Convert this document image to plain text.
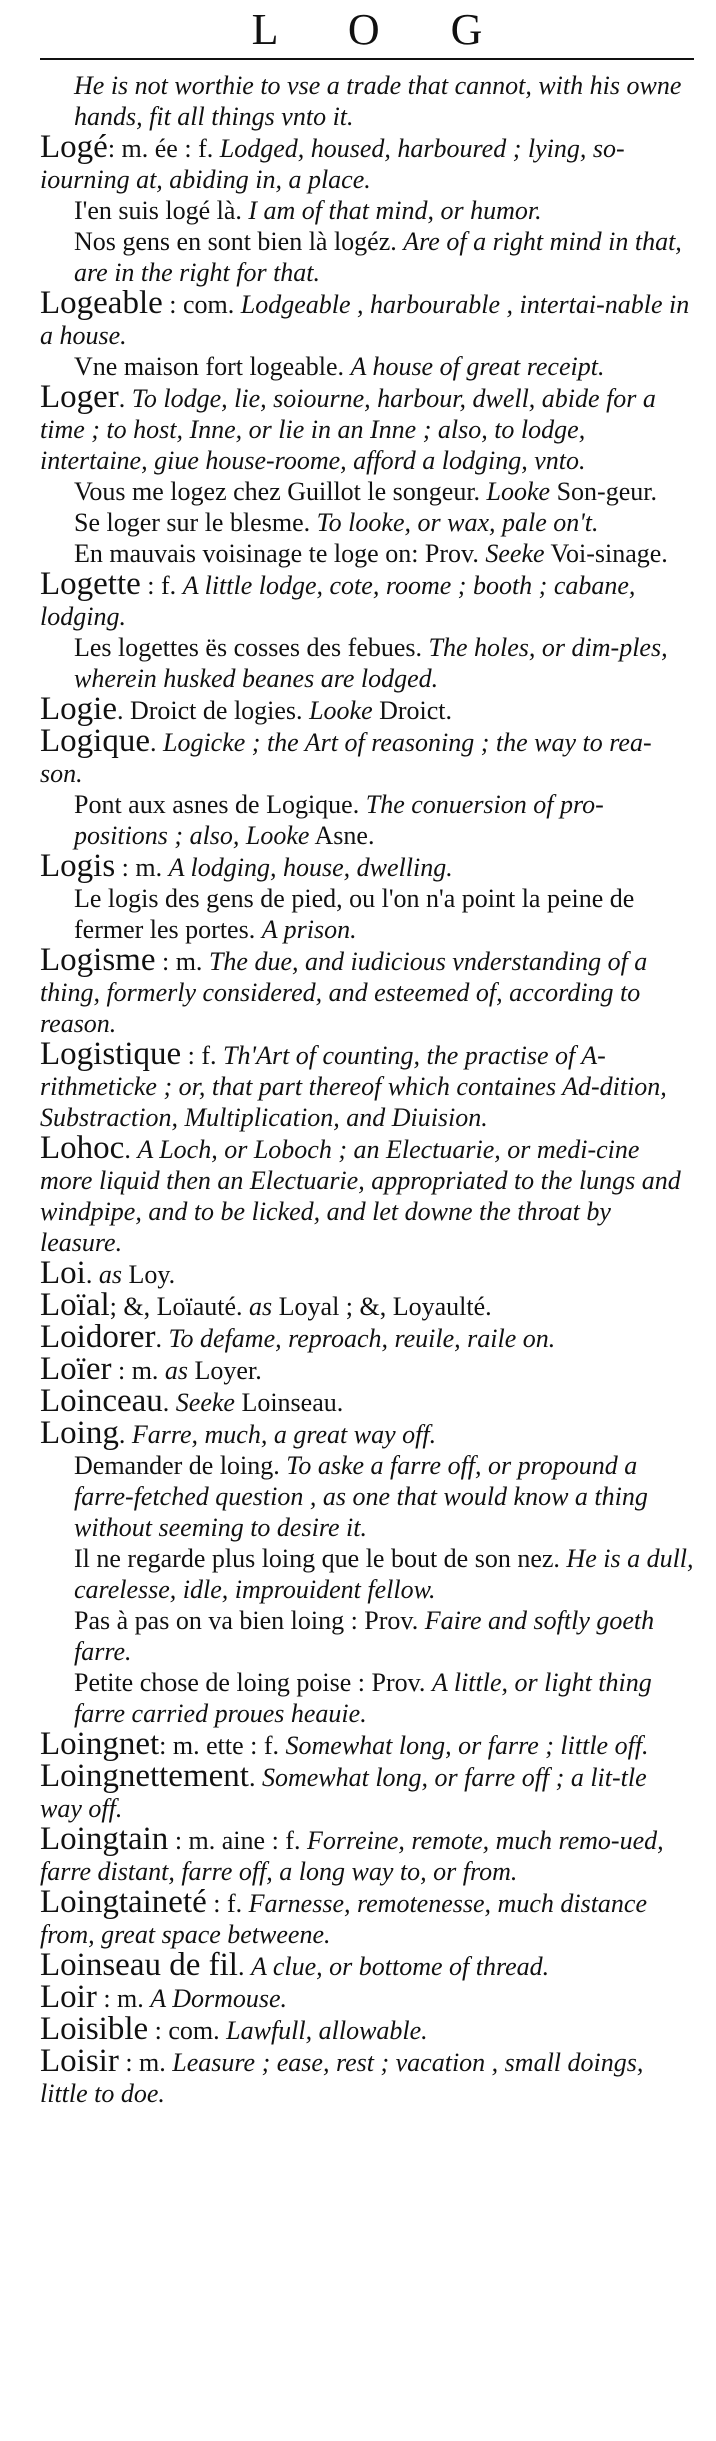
L O G
He is not worthie to vse a trade that cannot, with his owne hands, fit all things vnto it.
Logé: m. ée : f. Lodged, housed, harboured ; lying, so-iourning at, abiding in, a place.
I'en suis logé là. I am of that mind, or humor.
Nos gens en sont bien là logéz. Are of a right mind in that, are in the right for that.
Logeable : com. Lodgeable , harbourable , intertai-nable in a house.
Vne maison fort logeable. A house of great receipt.
Loger. To lodge, lie, soiourne, harbour, dwell, abide for a time ; to host, Inne, or lie in an Inne ; also, to lodge, intertaine, giue house-roome, afford a lodging, vnto.
Vous me logez chez Guillot le songeur. Looke Son-geur.
Se loger sur le blesme. To looke, or wax, pale on't.
En mauvais voisinage te loge on: Prov. Seeke Voi-sinage.
Logette : f. A little lodge, cote, roome ; booth ; cabane, lodging.
Les logettes ës cosses des febues. The holes, or dim-ples, wherein husked beanes are lodged.
Logie. Droict de logies. Looke Droict.
Logique. Logicke ; the Art of reasoning ; the way to rea-son.
Pont aux asnes de Logique. The conuersion of pro-positions ; also, Looke Asne.
Logis : m. A lodging, house, dwelling.
Le logis des gens de pied, ou l'on n'a point la peine de fermer les portes. A prison.
Logisme : m. The due, and iudicious vnderstanding of a thing, formerly considered, and esteemed of, according to reason.
Logistique : f. Th'Art of counting, the practise of A-rithmeticke ; or, that part thereof which containes Ad-dition, Substraction, Multiplication, and Diuision.
Lohoc. A Loch, or Loboch ; an Electuarie, or medi-cine more liquid then an Electuarie, appropriated to the lungs and windpipe, and to be licked, and let downe the throat by leasure.
Loi. as Loy.
Loïal; &, Loïauté. as Loyal ; &, Loyaulté.
Loidorer. To defame, reproach, reuile, raile on.
Loïer : m. as Loyer.
Loinceau. Seeke Loinseau.
Loing. Farre, much, a great way off.
Demander de loing. To aske a farre off, or propound a farre-fetched question , as one that would know a thing without seeming to desire it.
Il ne regarde plus loing que le bout de son nez. He is a dull, carelesse, idle, improuident fellow.
Pas à pas on va bien loing : Prov. Faire and softly goeth farre.
Petite chose de loing poise : Prov. A little, or light thing farre carried proues heauie.
Loingnet: m. ette : f. Somewhat long, or farre ; little off.
Loingnettement. Somewhat long, or farre off ; a lit-tle way off.
Loingtain : m. aine : f. Forreine, remote, much remo-ued, farre distant, farre off, a long way to, or from.
Loingtaineté : f. Farnesse, remotenesse, much distance from, great space betweene.
Loinseau de fil. A clue, or bottome of thread.
Loir : m. A Dormouse.
Loisible : com. Lawfull, allowable.
Loisir : m. Leasure ; ease, rest ; vacation , small doings, little to doe.
